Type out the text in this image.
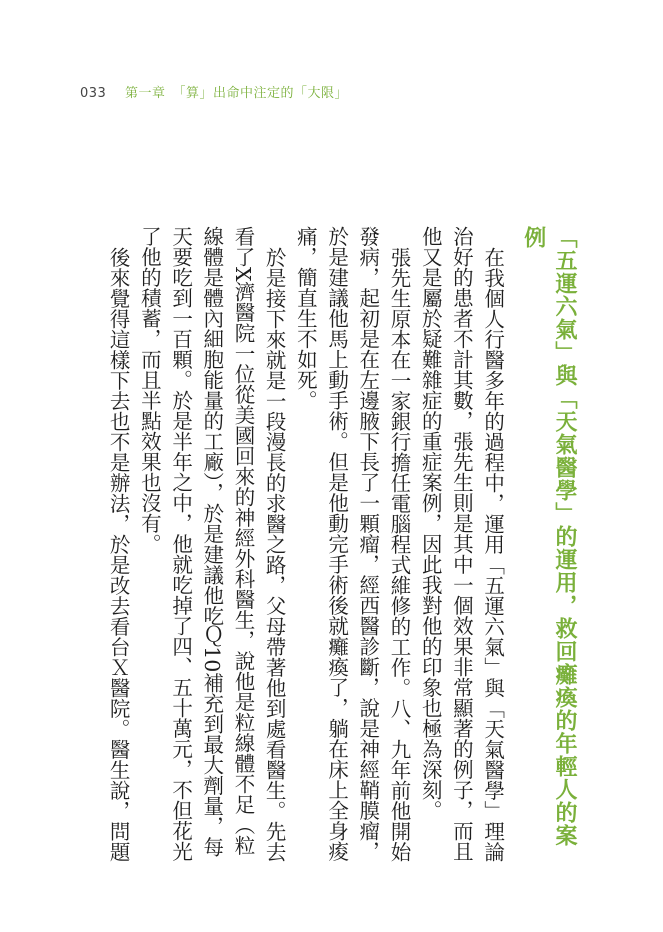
033 第一章　「算」出命中注定的「大限」
「五運六氣」與「天氣醫學」的運用，救回癱瘓的年輕人的案例

在我個人行醫多年的過程中，運用「五運六氣」與「天氣醫學」理論治好的患者不計其數，張先生則是其中一個效果非常顯著的例子，而且他又是屬於疑難雜症的重症案例，因此我對他的印象也極為深刻。

張先生原本在一家銀行擔任電腦程式維修的工作。八、九年前他開始發病，起初是在左邊腋下長了一顆瘤，經西醫診斷，說是神經鞘膜瘤，於是建議他馬上動手術。但是他動完手術後就癱瘓了，躺在床上全身痠痛，簡直生不如死。

於是接下來就是一段漫長的求醫之路，父母帶著他到處看醫生。先去看了X濟醫院一位從美國回來的神經外科醫生，說他是粒線體不足（粒線體是體內細胞能量的工廠），於是建議他吃Ｑ10補充到最大劑量，每天要吃到一百顆。於是半年之中，他就吃掉了四、五十萬元，不但花光了他的積蓄，而且半點效果也沒有。

後來覺得這樣下去也不是辦法，於是改去看台Ｘ醫院。醫生說，問題
